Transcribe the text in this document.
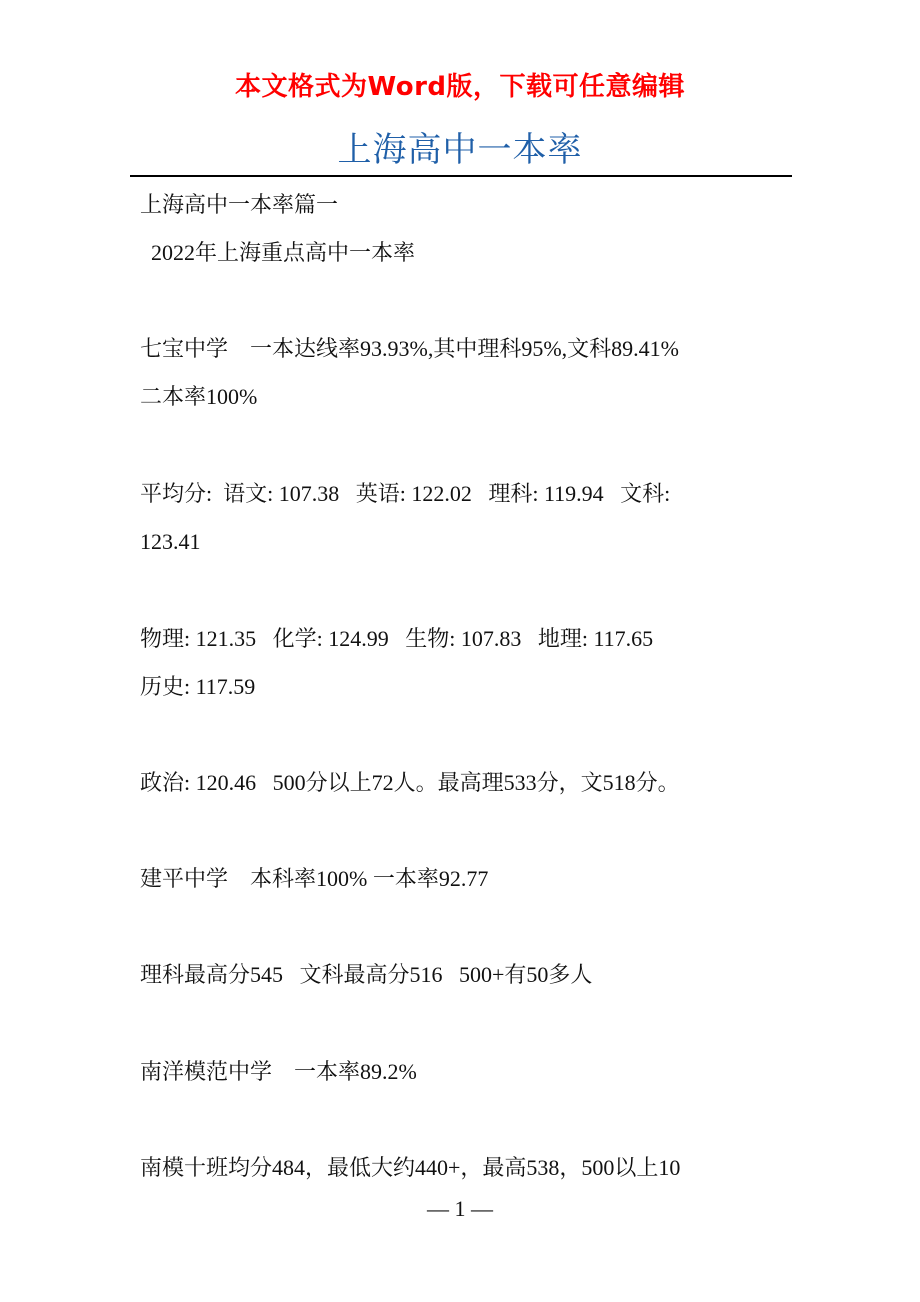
本文格式为Word版，下载可任意编辑
上海高中一本率
上海高中一本率篇一
2022年上海重点高中一本率
七宝中学    一本达线率93.93%,其中理科95%,文科89.41%
二本率100%
平均分:  语文: 107.38   英语: 122.02   理科: 119.94   文科:
123.41
物理: 121.35   化学: 124.99   生物: 107.83   地理: 117.65
历史: 117.59
政治: 120.46   500分以上72人。最高理533分，文518分。
建平中学    本科率100% 一本率92.77
理科最高分545   文科最高分516   500+有50多人
南洋模范中学    一本率89.2%
南模十班均分484，最低大约440+，最高538，500以上10
— 1 —
